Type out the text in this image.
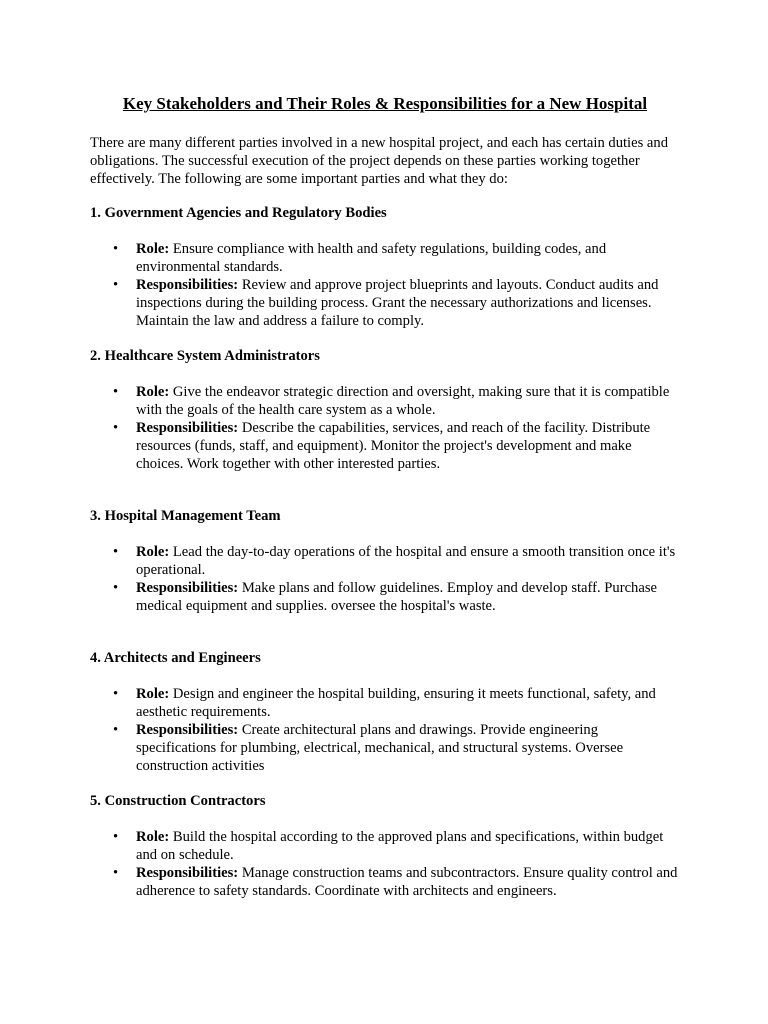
Key Stakeholders and Their Roles & Responsibilities for a New Hospital

There are many different parties involved in a new hospital project, and each has certain duties and obligations. The successful execution of the project depends on these parties working together effectively. The following are some important parties and what they do:

1. Government Agencies and Regulatory Bodies
• Role: Ensure compliance with health and safety regulations, building codes, and environmental standards.
• Responsibilities: Review and approve project blueprints and layouts. Conduct audits and inspections during the building process. Grant the necessary authorizations and licenses. Maintain the law and address a failure to comply.
2. Healthcare System Administrators
• Role: Give the endeavor strategic direction and oversight, making sure that it is compatible with the goals of the health care system as a whole.
• Responsibilities: Describe the capabilities, services, and reach of the facility. Distribute resources (funds, staff, and equipment). Monitor the project's development and make choices. Work together with other interested parties.
3. Hospital Management Team
• Role: Lead the day-to-day operations of the hospital and ensure a smooth transition once it's operational.
• Responsibilities: Make plans and follow guidelines. Employ and develop staff. Purchase medical equipment and supplies. oversee the hospital's waste.
4. Architects and Engineers
• Role: Design and engineer the hospital building, ensuring it meets functional, safety, and aesthetic requirements.
• Responsibilities: Create architectural plans and drawings. Provide engineering specifications for plumbing, electrical, mechanical, and structural systems. Oversee construction activities
5. Construction Contractors
• Role: Build the hospital according to the approved plans and specifications, within budget and on schedule.
• Responsibilities: Manage construction teams and subcontractors. Ensure quality control and adherence to safety standards. Coordinate with architects and engineers.
